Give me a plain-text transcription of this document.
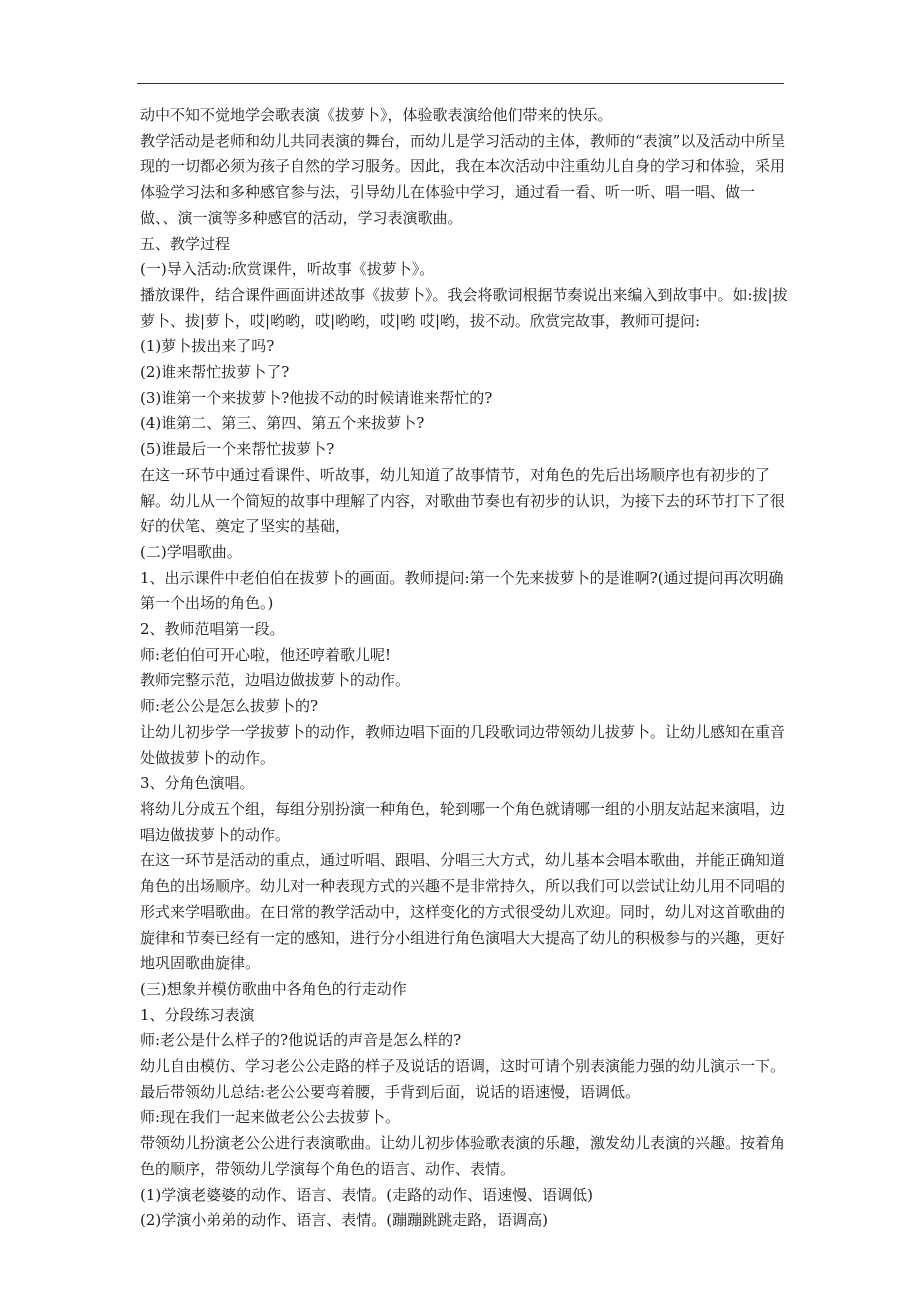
动中不知不觉地学会歌表演《拔萝卜》，体验歌表演给他们带来的快乐。

教学活动是老师和幼儿共同表演的舞台，而幼儿是学习活动的主体，教师的“表演”以及活动中所呈现的一切都必须为孩子自然的学习服务。因此，我在本次活动中注重幼儿自身的学习和体验，采用体验学习法和多种感官参与法，引导幼儿在体验中学习，通过看一看、听一听、唱一唱、做一做、、演一演等多种感官的活动，学习表演歌曲。

五、教学过程

(一)导入活动:欣赏课件，听故事《拔萝卜》。

播放课件，结合课件画面讲述故事《拔萝卜》。我会将歌词根据节奏说出来编入到故事中。如:拔|拔萝卜、拔|萝卜，哎|哟哟，哎|哟哟，哎|哟 哎|哟，拔不动。欣赏完故事，教师可提问:

(1)萝卜拔出来了吗?

(2)谁来帮忙拔萝卜了?

(3)谁第一个来拔萝卜?他拔不动的时候请谁来帮忙的?

(4)谁第二、第三、第四、第五个来拔萝卜?

(5)谁最后一个来帮忙拔萝卜?

在这一环节中通过看课件、听故事，幼儿知道了故事情节，对角色的先后出场顺序也有初步的了解。幼儿从一个简短的故事中理解了内容，对歌曲节奏也有初步的认识，为接下去的环节打下了很好的伏笔、奠定了坚实的基础，

(二)学唱歌曲。

1、出示课件中老伯伯在拔萝卜的画面。教师提问:第一个先来拔萝卜的是谁啊?(通过提问再次明确第一个出场的角色。)

2、教师范唱第一段。

师:老伯伯可开心啦，他还哼着歌儿呢!

教师完整示范，边唱边做拔萝卜的动作。

师:老公公是怎么拔萝卜的?

让幼儿初步学一学拔萝卜的动作，教师边唱下面的几段歌词边带领幼儿拔萝卜。让幼儿感知在重音处做拔萝卜的动作。

3、分角色演唱。

将幼儿分成五个组，每组分别扮演一种角色，轮到哪一个角色就请哪一组的小朋友站起来演唱，边唱边做拔萝卜的动作。

在这一环节是活动的重点，通过听唱、跟唱、分唱三大方式，幼儿基本会唱本歌曲，并能正确知道角色的出场顺序。幼儿对一种表现方式的兴趣不是非常持久，所以我们可以尝试让幼儿用不同唱的形式来学唱歌曲。在日常的教学活动中，这样变化的方式很受幼儿欢迎。同时，幼儿对这首歌曲的旋律和节奏已经有一定的感知，进行分小组进行角色演唱大大提高了幼儿的积极参与的兴趣，更好地巩固歌曲旋律。

(三)想象并模仿歌曲中各角色的行走动作

1、分段练习表演

师:老公是什么样子的?他说话的声音是怎么样的?

幼儿自由模仿、学习老公公走路的样子及说话的语调，这时可请个别表演能力强的幼儿演示一下。最后带领幼儿总结:老公公要弯着腰，手背到后面，说话的语速慢，语调低。

师:现在我们一起来做老公公去拔萝卜。

带领幼儿扮演老公公进行表演歌曲。让幼儿初步体验歌表演的乐趣，激发幼儿表演的兴趣。按着角色的顺序，带领幼儿学演每个角色的语言、动作、表情。

(1)学演老婆婆的动作、语言、表情。(走路的动作、语速慢、语调低)

(2)学演小弟弟的动作、语言、表情。(蹦蹦跳跳走路，语调高)
